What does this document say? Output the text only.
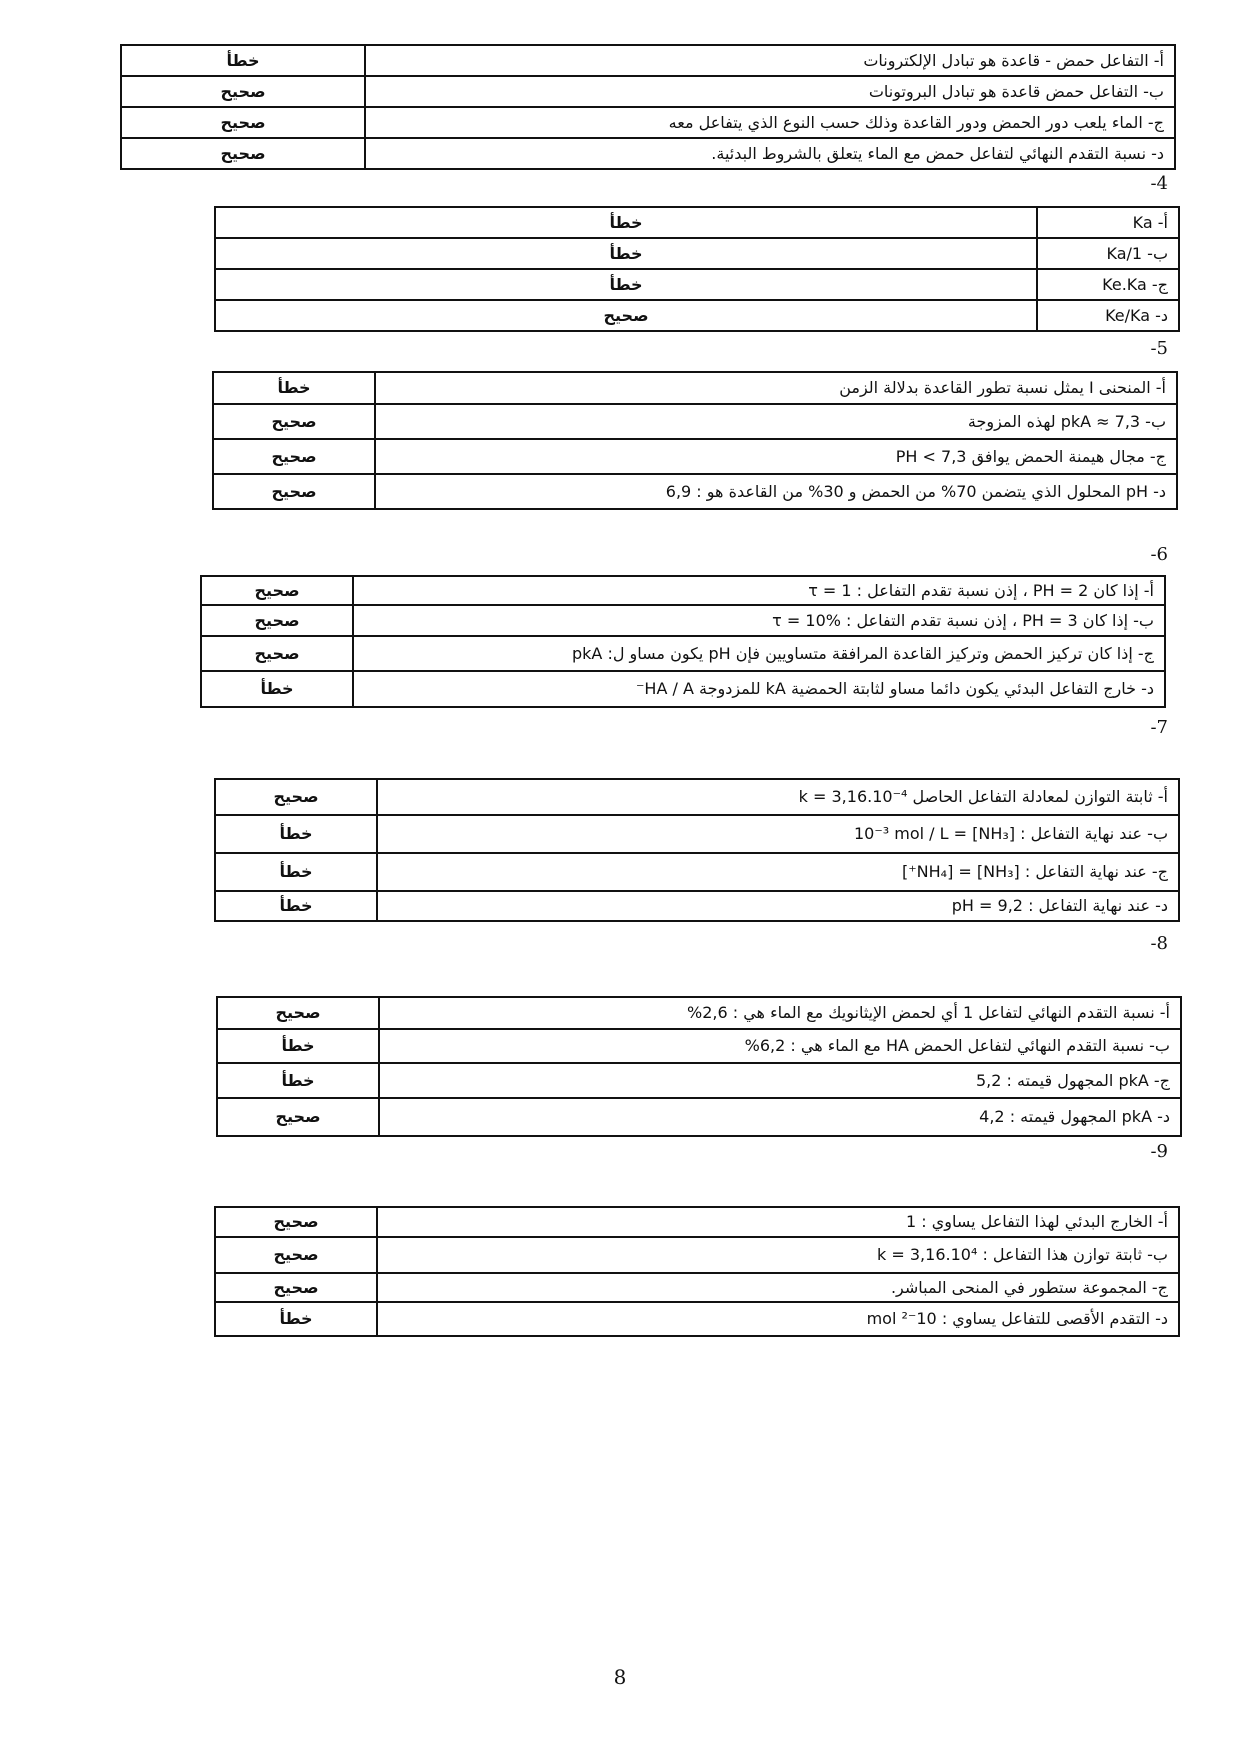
أ- التفاعل حمض - قاعدة هو تبادل الإلكترونات	خطأ
ب- التفاعل حمض قاعدة هو تبادل البروتونات	صحيح
ج- الماء يلعب دور الحمض ودور القاعدة وذلك حسب النوع الذي يتفاعل معه	صحيح
د- نسبة التقدم النهائي لتفاعل حمض مع الماء يتعلق بالشروط البدئية.	صحيح
-4
أ- Ka	خطأ
ب- 1/Ka	خطأ
ج- Ke.Ka	خطأ
د- Ke/Ka	صحيح
-5
أ- المنحنى I يمثل نسبة تطور القاعدة بدلالة الزمن	خطأ
ب- pkA ≈ 7,3 لهذه المزوجة	صحيح
ج- مجال هيمنة الحمض يوافق PH < 7,3	صحيح
د- pH المحلول الذي يتضمن 70% من الحمض و 30% من القاعدة هو : 6,9	صحيح
-6
أ- إذا كان PH = 2 ، إذن نسبة تقدم التفاعل : τ = 1	صحيح
ب- إذا كان PH = 3 ، إذن نسبة تقدم التفاعل : τ = 10%	صحيح
ج- إذا كان تركيز الحمض وتركيز القاعدة المرافقة متساويين فإن pH يكون مساو ل: pkA	صحيح
د- خارج التفاعل البدئي يكون دائما مساو لثابتة الحمضية kA للمزدوجة HA / A⁻	خطأ
-7
أ- ثابتة التوازن لمعادلة التفاعل الحاصل k = 3,16.10⁻⁴	صحيح
ب- عند نهاية التفاعل : [NH₃] = 10⁻³ mol / L	خطأ
ج- عند نهاية التفاعل : [NH₃] = [NH₄⁺]	خطأ
د- عند نهاية التفاعل : pH = 9,2	خطأ
-8
أ- نسبة التقدم النهائي لتفاعل 1 أي لحمض الإيثانويك مع الماء هي : 2,6%	صحيح
ب- نسبة التقدم النهائي لتفاعل الحمض HA مع الماء هي : 6,2%	خطأ
ج- pkA المجهول قيمته : 5,2	خطأ
د- pkA المجهول قيمته : 4,2	صحيح
-9
أ- الخارج البدئي لهذا التفاعل يساوي : 1	صحيح
ب- ثابتة توازن هذا التفاعل : k = 3,16.10⁴	صحيح
ج- المجموعة ستطور في المنحى المباشر.	صحيح
د- التقدم الأقصى للتفاعل يساوي : 10⁻² mol	خطأ
8
